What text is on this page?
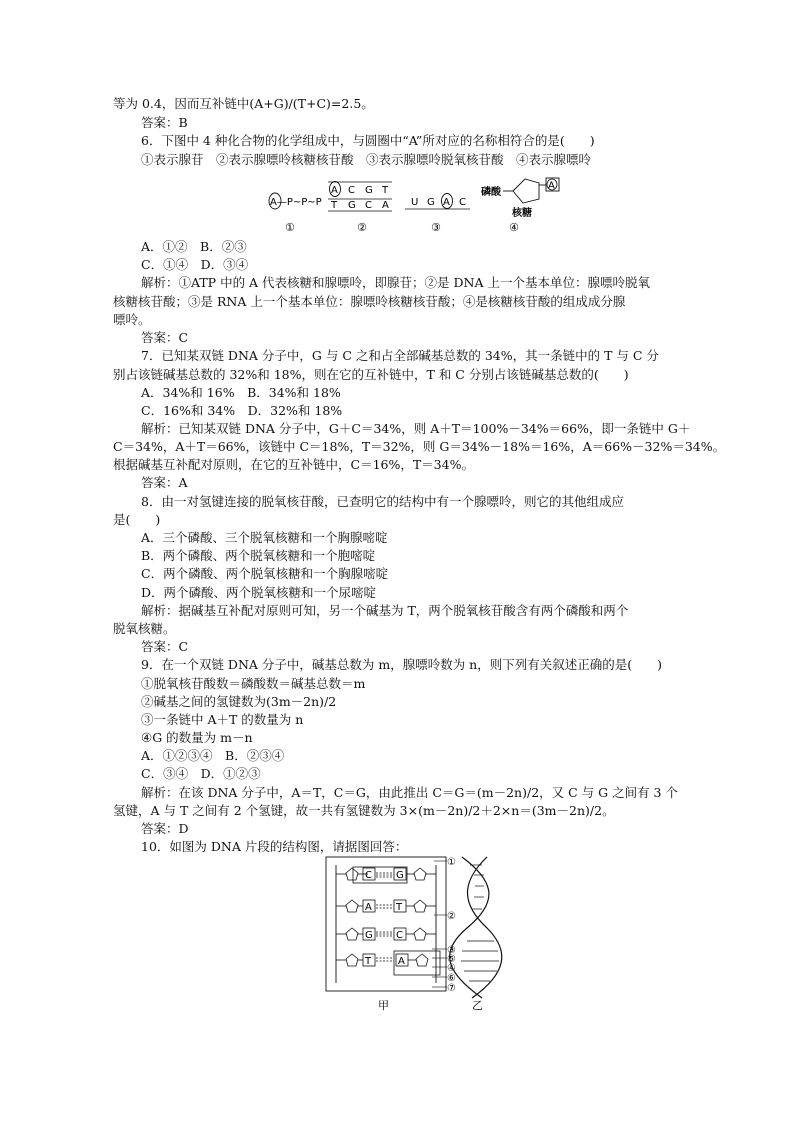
等为 0.4，因而互补链中(A+G)/(T+C)=2.5。
答案：B
6．下图中 4 种化合物的化学组成中，与圆圈中“A”所对应的名称相符合的是(　　)
①表示腺苷　②表示腺嘌呤核糖核苷酸　③表示腺嘌呤脱氧核苷酸　④表示腺嘌呤
A—P~P~P
A C G T
T G C A U G A C
磷酸
A
核糖
①	②	③	④
A．①②　B．②③
C．①④　D．③④
解析：①ATP 中的 A 代表核糖和腺嘌呤，即腺苷；②是 DNA 上一个基本单位：腺嘌呤脱氧
核糖核苷酸；③是 RNA 上一个基本单位：腺嘌呤核糖核苷酸；④是核糖核苷酸的组成成分腺
嘌呤。
答案：C
7．已知某双链 DNA 分子中，G 与 C 之和占全部碱基总数的 34%，其一条链中的 T 与 C 分
别占该链碱基总数的 32%和 18%，则在它的互补链中，T 和 C 分别占该链碱基总数的(　　)
A．34%和 16%　B．34%和 18%
C．16%和 34%　D．32%和 18%
解析：已知某双链 DNA 分子中，G＋C＝34%，则 A＋T＝100%－34%＝66%，即一条链中 G＋
C＝34%，A＋T＝66%，该链中 C＝18%，T＝32%，则 G＝34%－18%＝16%，A＝66%－32%＝34%。
根据碱基互补配对原则，在它的互补链中，C＝16%，T＝34%。
答案：A
8．由一对氢键连接的脱氧核苷酸，已查明它的结构中有一个腺嘌呤，则它的其他组成应
是(　　)
A．三个磷酸、三个脱氧核糖和一个胸腺嘧啶
B．两个磷酸、两个脱氧核糖和一个胞嘧啶
C．两个磷酸、两个脱氧核糖和一个胸腺嘧啶
D．两个磷酸、两个脱氧核糖和一个尿嘧啶
解析：据碱基互补配对原则可知，另一个碱基为 T，两个脱氧核苷酸含有两个磷酸和两个
脱氧核糖。
答案：C
9．在一个双链 DNA 分子中，碱基总数为 m，腺嘌呤数为 n，则下列有关叙述正确的是(　　)
①脱氧核苷酸数＝磷酸数＝碱基总数＝m
②碱基之间的氢键数为(3m－2n)/2
③一条链中 A＋T 的数量为 n
④G 的数量为 m－n
A．①②③④　B．②③④
C．③④　D．①②③
解析：在该 DNA 分子中，A＝T，C＝G，由此推出 C＝G＝(m－2n)/2，又 C 与 G 之间有 3 个
氢键，A 与 T 之间有 2 个氢键，故一共有氢键数为 3×(m－2n)/2＋2×n＝(3m－2n)/2。
答案：D
10．如图为 DNA 片段的结构图，请据图回答：
C G
A T
G C
T	A
①
②
③
⑤
④
⑥
⑦
甲	乙
